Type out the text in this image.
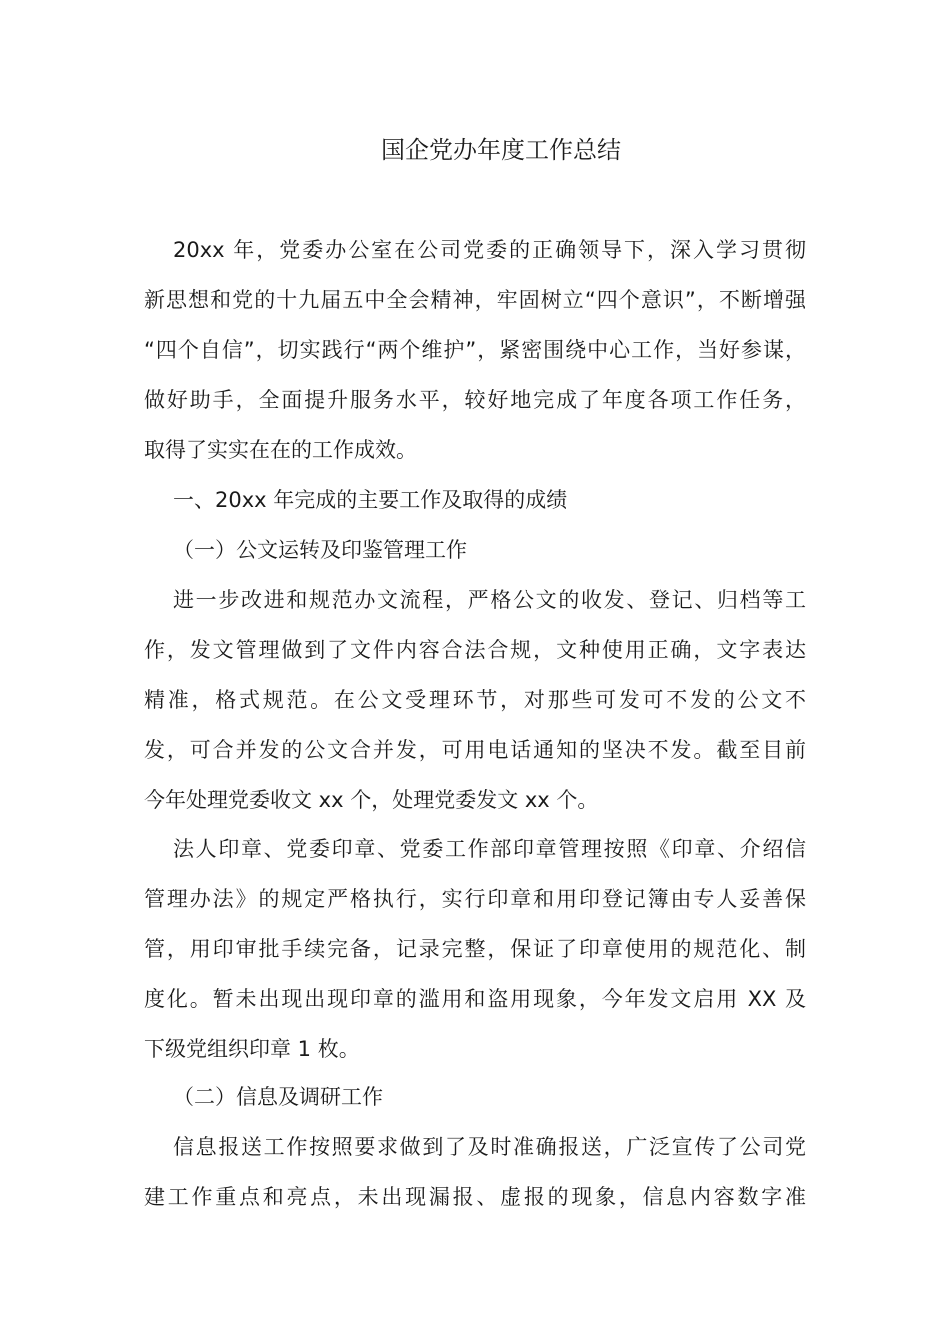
国企党办年度工作总结
20xx 年，党委办公室在公司党委的正确领导下，深入学习贯彻
新思想和党的十九届五中全会精神，牢固树立“四个意识”，不断增强
“四个自信”，切实践行“两个维护”，紧密围绕中心工作，当好参谋，
做好助手，全面提升服务水平，较好地完成了年度各项工作任务，
取得了实实在在的工作成效。
一、20xx 年完成的主要工作及取得的成绩
（一）公文运转及印鉴管理工作
进一步改进和规范办文流程，严格公文的收发、登记、归档等工
作，发文管理做到了文件内容合法合规，文种使用正确，文字表达
精准，格式规范。在公文受理环节，对那些可发可不发的公文不
发，可合并发的公文合并发，可用电话通知的坚决不发。截至目前
今年处理党委收文 xx 个，处理党委发文 xx 个。
法人印章、党委印章、党委工作部印章管理按照《印章、介绍信
管理办法》的规定严格执行，实行印章和用印登记簿由专人妥善保
管，用印审批手续完备，记录完整，保证了印章使用的规范化、制
度化。暂未出现出现印章的滥用和盗用现象，今年发文启用 XX 及
下级党组织印章 1 枚。
（二）信息及调研工作
信息报送工作按照要求做到了及时准确报送，广泛宣传了公司党
建工作重点和亮点，未出现漏报、虚报的现象，信息内容数字准
